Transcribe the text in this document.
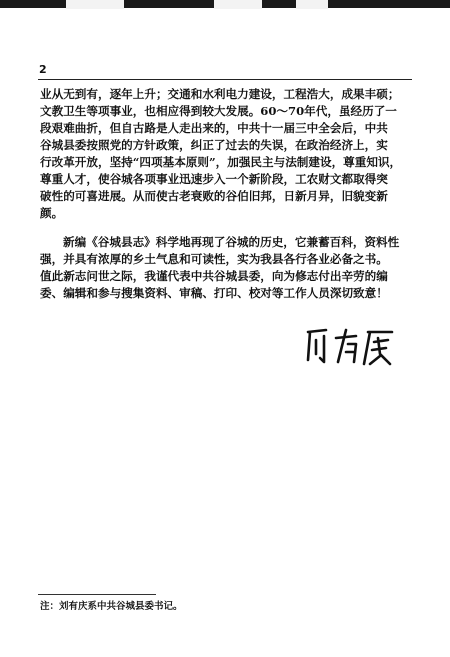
2

业从无到有，逐年上升；交通和水利电力建设，工程浩大，成果丰硕；
文教卫生等项事业，也相应得到较大发展。60～70年代，虽经历了一
段艰难曲折，但自古路是人走出来的，中共十一届三中全会后，中共
谷城县委按照党的方针政策，纠正了过去的失误，在政治经济上，实
行改革开放，坚持“四项基本原则”，加强民主与法制建设，尊重知识，
尊重人才，使谷城各项事业迅速步入一个新阶段，工农财文都取得突
破性的可喜进展。从而使古老衰败的谷伯旧邦，日新月异，旧貌变新
颜。

新编《谷城县志》科学地再现了谷城的历史，它兼蓄百科，资料性
强，并具有浓厚的乡土气息和可读性，实为我县各行各业必备之书。
值此新志问世之际，我谨代表中共谷城县委，向为修志付出辛劳的编
委、编辑和参与搜集资料、审稿、打印、校对等工作人员深切致意！

注：刘有庆系中共谷城县委书记。
